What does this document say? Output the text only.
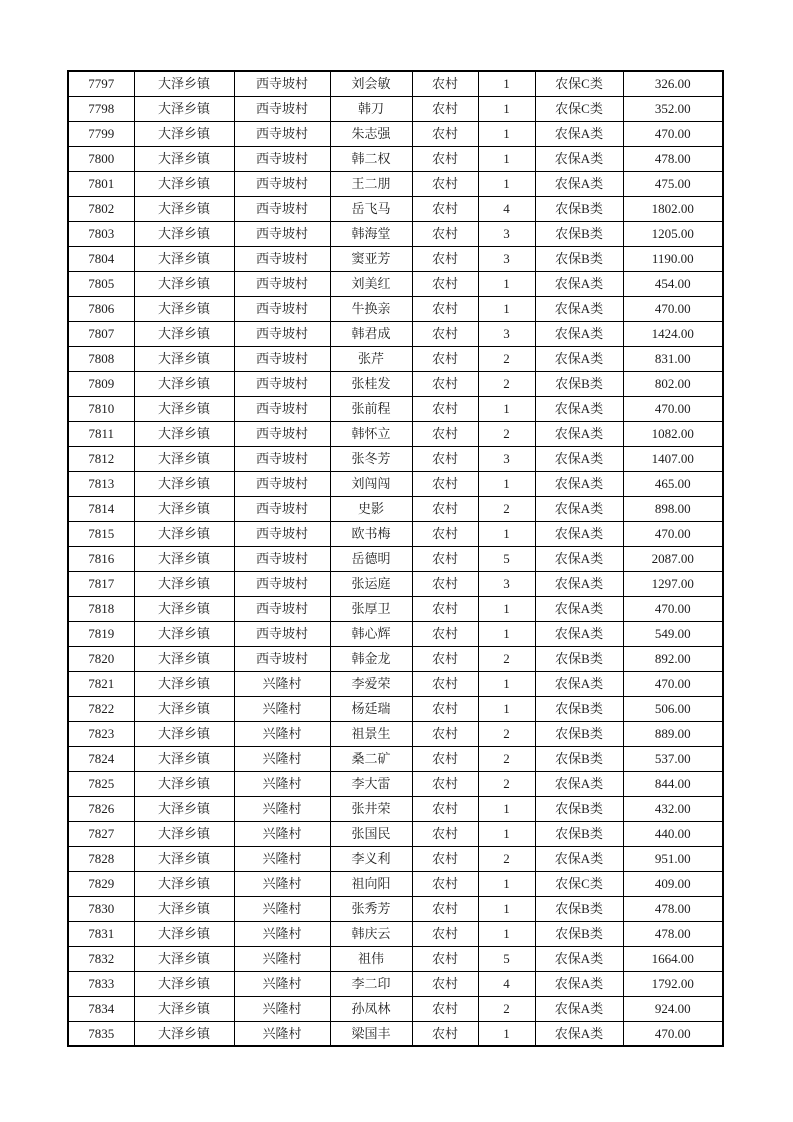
7797	大泽乡镇	西寺坡村	刘会敏	农村	1	农保C类	326.00
7798	大泽乡镇	西寺坡村	韩刀	农村	1	农保C类	352.00
7799	大泽乡镇	西寺坡村	朱志强	农村	1	农保A类	470.00
7800	大泽乡镇	西寺坡村	韩二权	农村	1	农保A类	478.00
7801	大泽乡镇	西寺坡村	王二朋	农村	1	农保A类	475.00
7802	大泽乡镇	西寺坡村	岳飞马	农村	4	农保B类	1802.00
7803	大泽乡镇	西寺坡村	韩海堂	农村	3	农保B类	1205.00
7804	大泽乡镇	西寺坡村	窦亚芳	农村	3	农保B类	1190.00
7805	大泽乡镇	西寺坡村	刘美红	农村	1	农保A类	454.00
7806	大泽乡镇	西寺坡村	牛换亲	农村	1	农保A类	470.00
7807	大泽乡镇	西寺坡村	韩君成	农村	3	农保A类	1424.00
7808	大泽乡镇	西寺坡村	张芹	农村	2	农保A类	831.00
7809	大泽乡镇	西寺坡村	张桂发	农村	2	农保B类	802.00
7810	大泽乡镇	西寺坡村	张前程	农村	1	农保A类	470.00
7811	大泽乡镇	西寺坡村	韩怀立	农村	2	农保A类	1082.00
7812	大泽乡镇	西寺坡村	张冬芳	农村	3	农保A类	1407.00
7813	大泽乡镇	西寺坡村	刘闯闯	农村	1	农保A类	465.00
7814	大泽乡镇	西寺坡村	史影	农村	2	农保A类	898.00
7815	大泽乡镇	西寺坡村	欧书梅	农村	1	农保A类	470.00
7816	大泽乡镇	西寺坡村	岳德明	农村	5	农保A类	2087.00
7817	大泽乡镇	西寺坡村	张运庭	农村	3	农保A类	1297.00
7818	大泽乡镇	西寺坡村	张厚卫	农村	1	农保A类	470.00
7819	大泽乡镇	西寺坡村	韩心辉	农村	1	农保A类	549.00
7820	大泽乡镇	西寺坡村	韩金龙	农村	2	农保B类	892.00
7821	大泽乡镇	兴隆村	李爱荣	农村	1	农保A类	470.00
7822	大泽乡镇	兴隆村	杨廷瑞	农村	1	农保B类	506.00
7823	大泽乡镇	兴隆村	祖景生	农村	2	农保B类	889.00
7824	大泽乡镇	兴隆村	桑二矿	农村	2	农保B类	537.00
7825	大泽乡镇	兴隆村	李大雷	农村	2	农保A类	844.00
7826	大泽乡镇	兴隆村	张井荣	农村	1	农保B类	432.00
7827	大泽乡镇	兴隆村	张国民	农村	1	农保B类	440.00
7828	大泽乡镇	兴隆村	李义利	农村	2	农保A类	951.00
7829	大泽乡镇	兴隆村	祖向阳	农村	1	农保C类	409.00
7830	大泽乡镇	兴隆村	张秀芳	农村	1	农保B类	478.00
7831	大泽乡镇	兴隆村	韩庆云	农村	1	农保B类	478.00
7832	大泽乡镇	兴隆村	祖伟	农村	5	农保A类	1664.00
7833	大泽乡镇	兴隆村	李二印	农村	4	农保A类	1792.00
7834	大泽乡镇	兴隆村	孙凤林	农村	2	农保A类	924.00
7835	大泽乡镇	兴隆村	梁国丰	农村	1	农保A类	470.00
